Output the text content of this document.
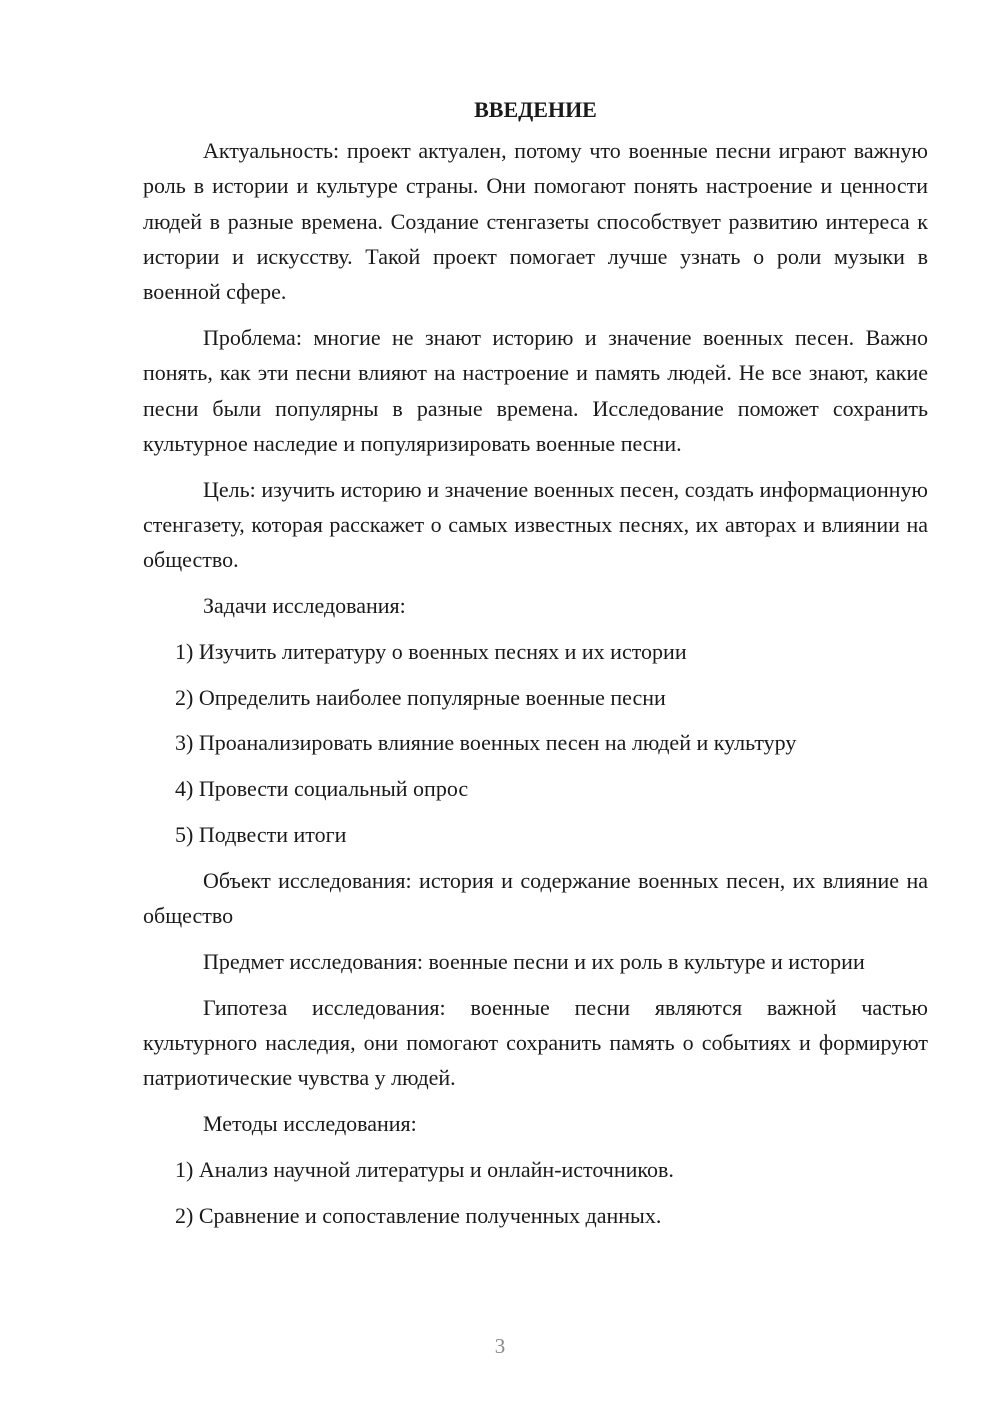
ВВЕДЕНИЕ

Актуальность: проект актуален, потому что военные песни играют важную роль в истории и культуре страны. Они помогают понять настроение и ценности людей в разные времена. Создание стенгазеты способствует развитию интереса к истории и искусству. Такой проект помогает лучше узнать о роли музыки в военной сфере.

Проблема: многие не знают историю и значение военных песен. Важно понять, как эти песни влияют на настроение и память людей. Не все знают, какие песни были популярны в разные времена. Исследование поможет сохранить культурное наследие и популяризировать военные песни.

Цель: изучить историю и значение военных песен, создать информационную стенгазету, которая расскажет о самых известных песнях, их авторах и влиянии на общество.

Задачи исследования:

1) Изучить литературу о военных песнях и их истории

2) Определить наиболее популярные военные песни

3) Проанализировать влияние военных песен на людей и культуру

4) Провести социальный опрос

5) Подвести итоги

Объект исследования: история и содержание военных песен, их влияние на общество

Предмет исследования: военные песни и их роль в культуре и истории

Гипотеза исследования: военные песни являются важной частью культурного наследия, они помогают сохранить память о событиях и формируют патриотические чувства у людей.

Методы исследования:

1) Анализ научной литературы и онлайн-источников.

2) Сравнение и сопоставление полученных данных.

3
